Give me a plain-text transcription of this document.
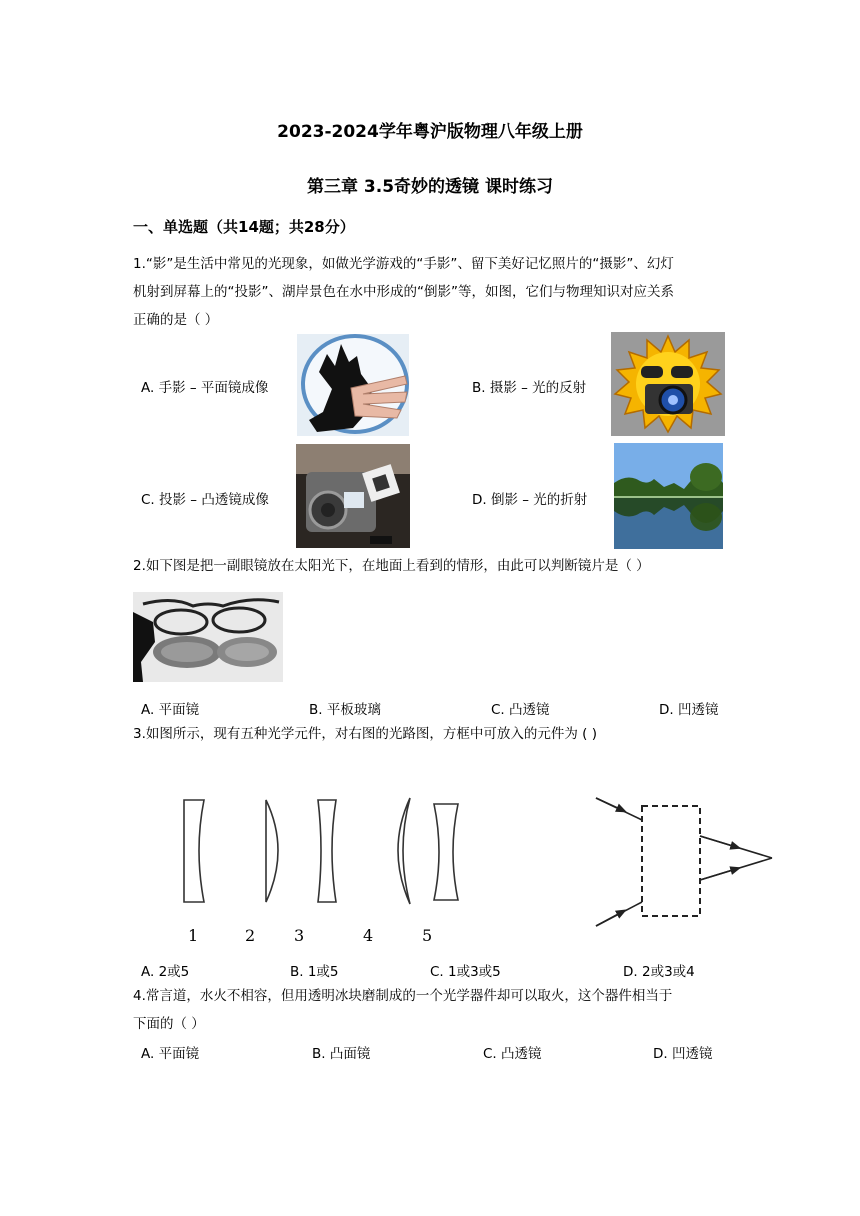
2023-2024学年粤沪版物理八年级上册
第三章 3.5奇妙的透镜 课时练习
一、单选题（共14题；共28分）
1.“影”是生活中常见的光现象，如做光学游戏的“手影”、留下美好记忆照片的“摄影”、幻灯
机射到屏幕上的“投影”、湖岸景色在水中形成的“倒影”等，如图，它们与物理知识对应关系
正确的是（ ）
A. 手影 – 平面镜成像	B. 摄影 – 光的反射
C. 投影 – 凸透镜成像	D. 倒影 – 光的折射
2.如下图是把一副眼镜放在太阳光下，在地面上看到的情形，由此可以判断镜片是（ ）
A. 平面镜	B. 平板玻璃	C. 凸透镜	D. 凹透镜
3.如图所示，现有五种光学元件，对右图的光路图，方框中可放入的元件为 ( )
1	2 3	4	5
A. 2或5	B. 1或5	C. 1或3或5	D. 2或3或4
4.常言道，水火不相容，但用透明冰块磨制成的一个光学器件却可以取火，这个器件相当于
下面的（ ）
A. 平面镜	B. 凸面镜	C. 凸透镜	D. 凹透镜
